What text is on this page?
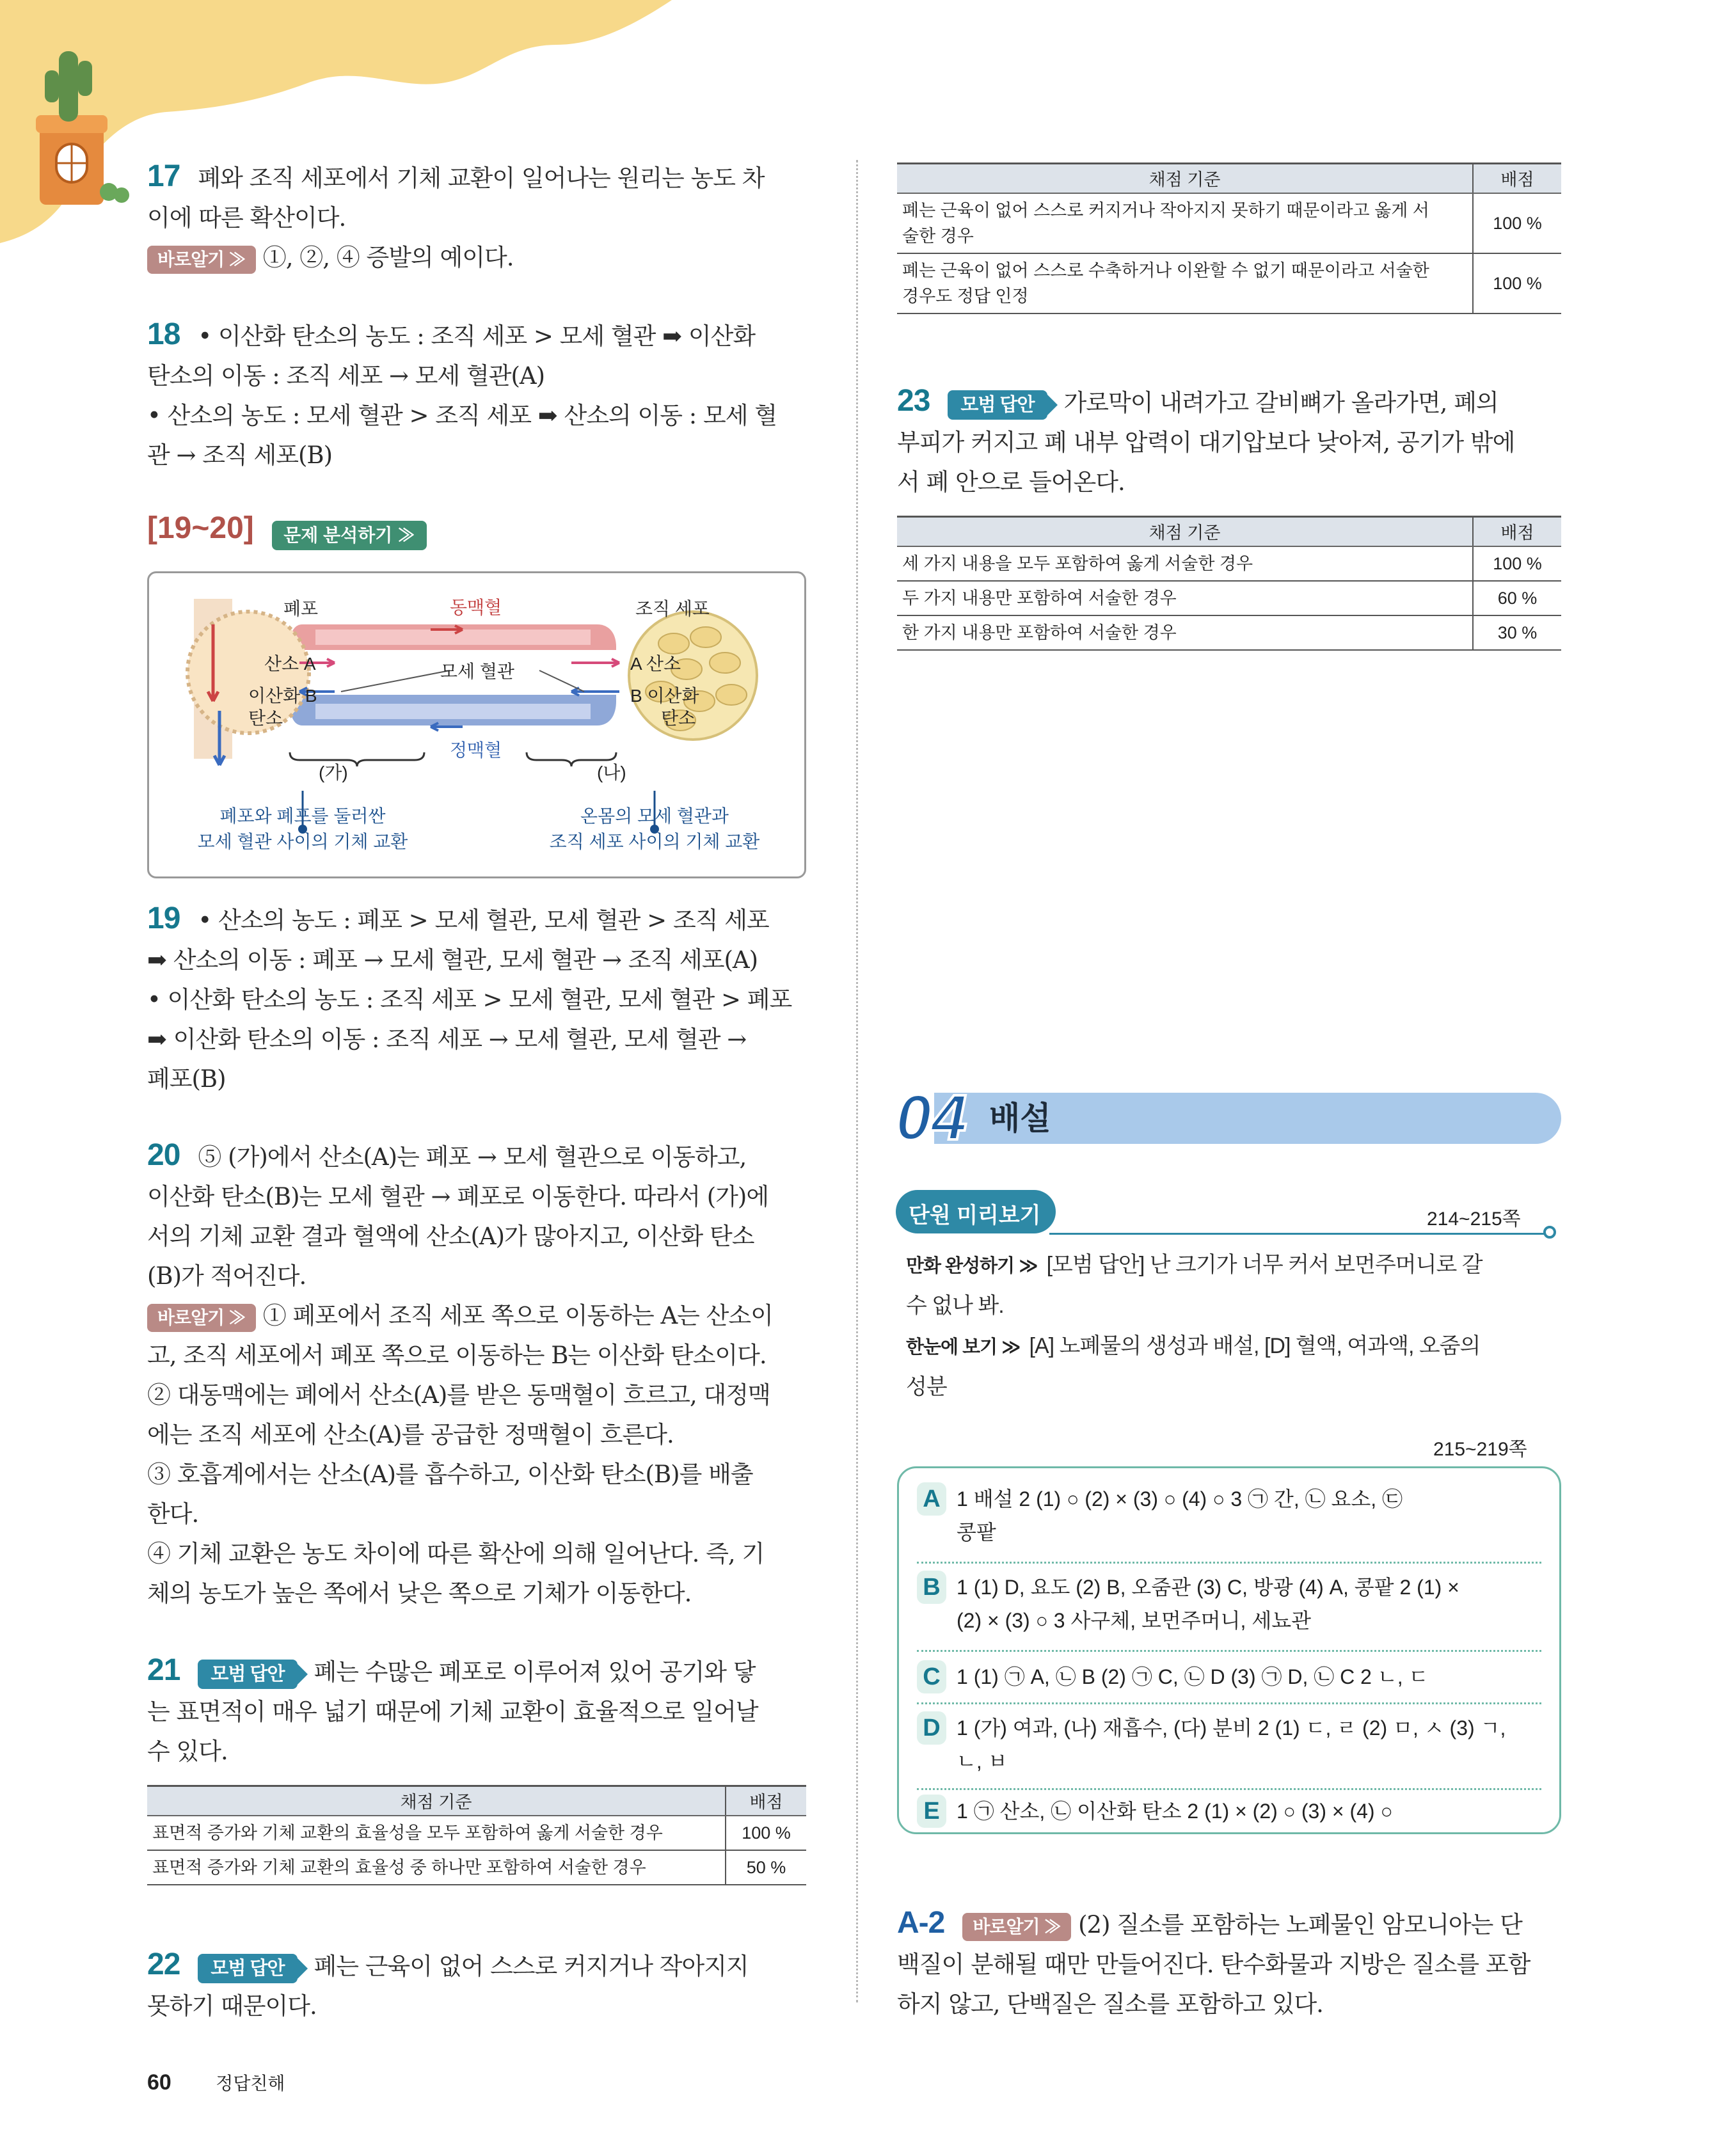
17 폐와 조직 세포에서 기체 교환이 일어나는 원리는 농도 차
이에 따른 확산이다.
바로알기 ≫ ①, ②, ④ 증발의 예이다.
18 • 이산화 탄소의 농도 : 조직 세포 > 모세 혈관 ➡ 이산화
탄소의 이동 : 조직 세포 → 모세 혈관(A)
• 산소의 농도 : 모세 혈관 > 조직 세포 ➡ 산소의 이동 : 모세 혈
관 → 조직 세포(B)
[19~20] 문제 분석하기 ≫
폐포	동맥혈	조직 세포
산소 A
이산화 B
탄소
모세 혈관	A 산소
B 이산화
탄소
정맥혈
(가)	(나)
폐포와 폐포를 둘러싼
모세 혈관 사이의 기체 교환
온몸의 모세 혈관과
조직 세포 사이의 기체 교환
19 • 산소의 농도 : 폐포 > 모세 혈관, 모세 혈관 > 조직 세포
➡ 산소의 이동 : 폐포 → 모세 혈관, 모세 혈관 → 조직 세포(A)
• 이산화 탄소의 농도 : 조직 세포 > 모세 혈관, 모세 혈관 > 폐포
➡ 이산화 탄소의 이동 : 조직 세포 → 모세 혈관, 모세 혈관 →
폐포(B)
20 ⑤ (가)에서 산소(A)는 폐포 → 모세 혈관으로 이동하고,
이산화 탄소(B)는 모세 혈관 → 폐포로 이동한다. 따라서 (가)에
서의 기체 교환 결과 혈액에 산소(A)가 많아지고, 이산화 탄소
(B)가 적어진다.
바로알기 ≫ ① 폐포에서 조직 세포 쪽으로 이동하는 A는 산소이
고, 조직 세포에서 폐포 쪽으로 이동하는 B는 이산화 탄소이다.
② 대동맥에는 폐에서 산소(A)를 받은 동맥혈이 흐르고, 대정맥
에는 조직 세포에 산소(A)를 공급한 정맥혈이 흐른다.
③ 호흡계에서는 산소(A)를 흡수하고, 이산화 탄소(B)를 배출
한다.
④ 기체 교환은 농도 차이에 따른 확산에 의해 일어난다. 즉, 기
체의 농도가 높은 쪽에서 낮은 쪽으로 기체가 이동한다.
21 모범 답안 폐는 수많은 폐포로 이루어져 있어 공기와 닿
는 표면적이 매우 넓기 때문에 기체 교환이 효율적으로 일어날
수 있다.
채점 기준	배점
표면적 증가와 기체 교환의 효율성을 모두 포함하여 옳게 서술한 경우	100 %
표면적 증가와 기체 교환의 효율성 중 하나만 포함하여 서술한 경우	50 %
22 모범 답안 폐는 근육이 없어 스스로 커지거나 작아지지
못하기 때문이다.
채점 기준	배점

폐는 근육이 없어 스스로 커지거나 작아지지 못하기 때문이라고 옳게 서
술한 경우	100 %

폐는 근육이 없어 스스로 수축하거나 이완할 수 없기 때문이라고 서술한
경우도 정답 인정	100 %
23 모범 답안 가로막이 내려가고 갈비뼈가 올라가면, 폐의
부피가 커지고 폐 내부 압력이 대기압보다 낮아져, 공기가 밖에
서 폐 안으로 들어온다.
채점 기준	배점
세 가지 내용을 모두 포함하여 옳게 서술한 경우	100 %
두 가지 내용만 포함하여 서술한 경우	60 %
한 가지 내용만 포함하여 서술한 경우	30 %
04 배설
단원 미리보기	214~215쪽
만화 완성하기 ≫ [모범 답안] 난 크기가 너무 커서 보먼주머니로 갈
수 없나 봐.
한눈에 보기 ≫ [A] 노폐물의 생성과 배설, [D] 혈액, 여과액, 오줌의
성분
215~219쪽
A 1 배설 2 (1) ○ (2) × (3) ○ (4) ○ 3 ㉠ 간, ㉡ 요소, ㉢
콩팥
B 1 (1) D, 요도 (2) B, 오줌관 (3) C, 방광 (4) A, 콩팥 2 (1) ×
(2) × (3) ○ 3 사구체, 보먼주머니, 세뇨관
C 1 (1) ㉠ A, ㉡ B (2) ㉠ C, ㉡ D (3) ㉠ D, ㉡ C 2 ㄴ, ㄷ
D 1 (가) 여과, (나) 재흡수, (다) 분비 2 (1) ㄷ, ㄹ (2) ㅁ, ㅅ (3) ㄱ,
ㄴ, ㅂ
E 1 ㉠ 산소, ㉡ 이산화 탄소 2 (1) × (2) ○ (3) × (4) ○
A-2 바로알기 ≫ (2) 질소를 포함하는 노폐물인 암모니아는 단
백질이 분해될 때만 만들어진다. 탄수화물과 지방은 질소를 포함
하지 않고, 단백질은 질소를 포함하고 있다.
60 정답친해
